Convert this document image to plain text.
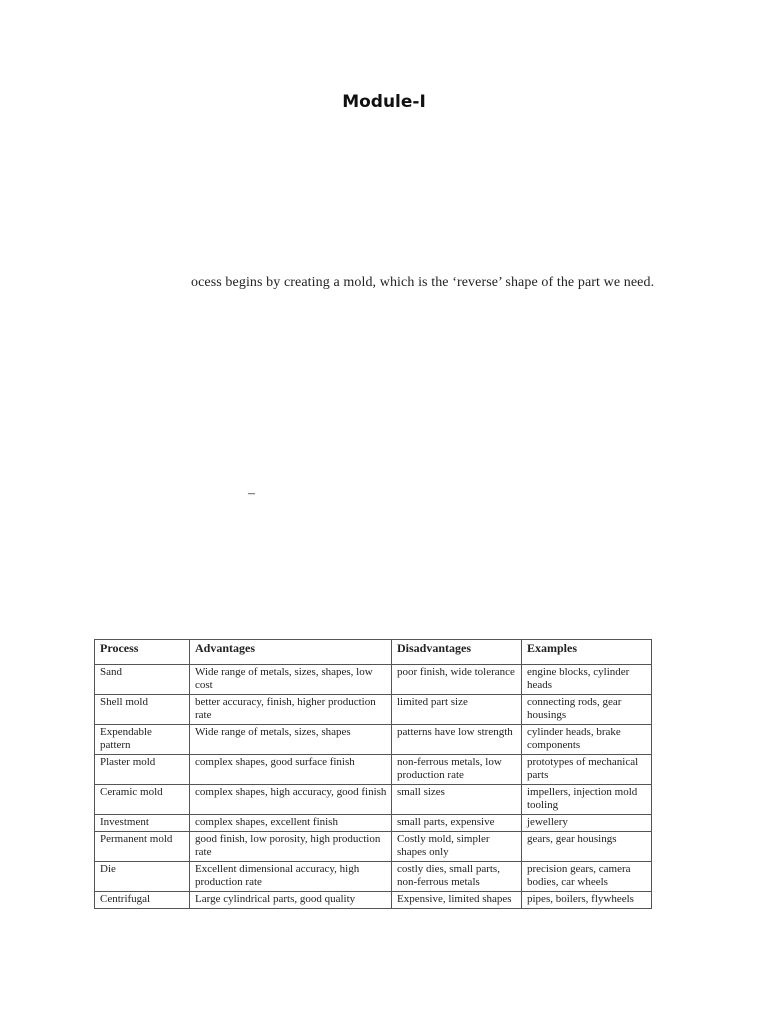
Module-I
ocess begins by creating a mold, which is the ‘reverse’ shape of the part we need.
–
Process	Advantages	Disadvantages	Examples
Sand	Wide range of metals, sizes, shapes, low cost	poor finish, wide tolerance	engine blocks, cylinder heads
Shell mold	better accuracy, finish, higher production rate	limited part size	connecting rods, gear housings
Expendable pattern	Wide range of metals, sizes, shapes	patterns have low strength	cylinder heads, brake components
Plaster mold	complex shapes, good surface finish	non-ferrous metals, low production rate	prototypes of mechanical parts
Ceramic mold	complex shapes, high accuracy, good finish	small sizes	impellers, injection mold tooling
Investment	complex shapes, excellent finish	small parts, expensive	jewellery
Permanent mold	good finish, low porosity, high production rate	Costly mold, simpler shapes only	gears, gear housings
Die	Excellent dimensional accuracy, high production rate	costly dies, small parts, non-ferrous metals	precision gears, camera bodies, car wheels
Centrifugal	Large cylindrical parts, good quality	Expensive, limited shapes	pipes, boilers, flywheels
